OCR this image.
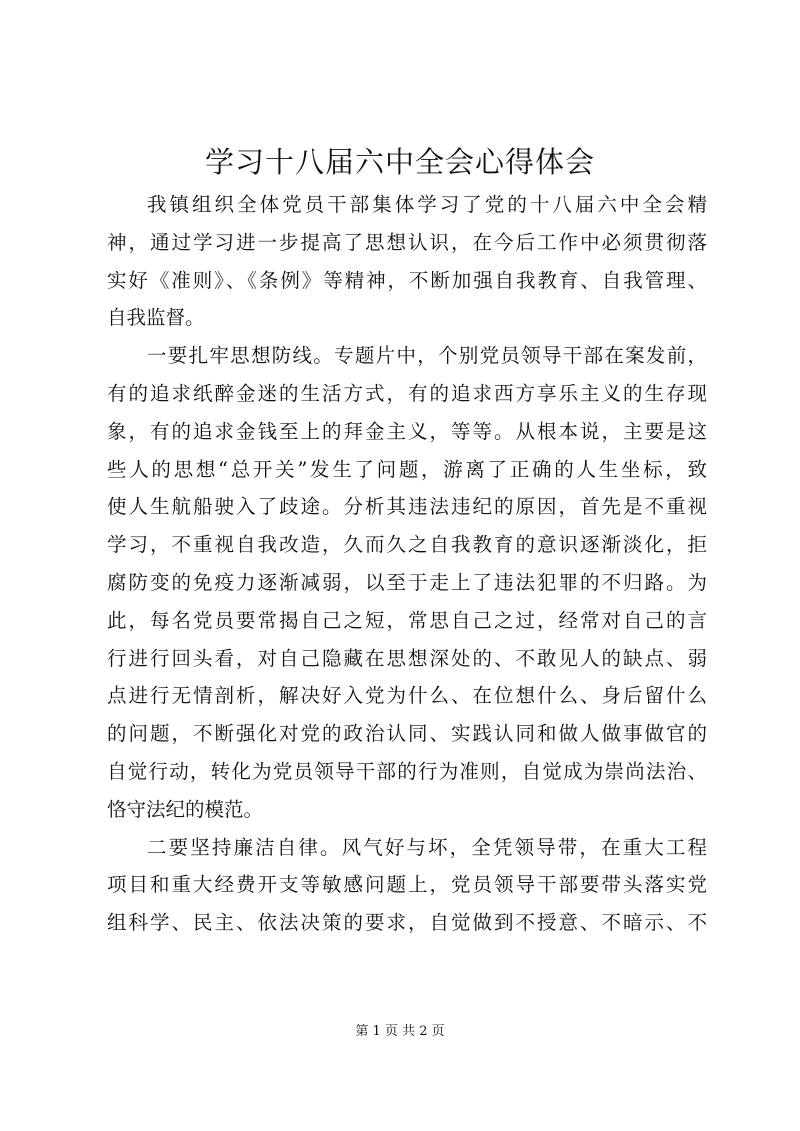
学习十八届六中全会心得体会
我镇组织全体党员干部集体学习了党的十八届六中全会精
神，通过学习进一步提高了思想认识，在今后工作中必须贯彻落
实好《准则》、《条例》等精神，不断加强自我教育、自我管理、
自我监督。
一要扎牢思想防线。专题片中，个别党员领导干部在案发前，
有的追求纸醉金迷的生活方式，有的追求西方享乐主义的生存现
象，有的追求金钱至上的拜金主义，等等。从根本说，主要是这
些人的思想“总开关”发生了问题，游离了正确的人生坐标，致
使人生航船驶入了歧途。分析其违法违纪的原因，首先是不重视
学习，不重视自我改造，久而久之自我教育的意识逐渐淡化，拒
腐防变的免疫力逐渐减弱，以至于走上了违法犯罪的不归路。为
此，每名党员要常揭自己之短，常思自己之过，经常对自己的言
行进行回头看，对自己隐藏在思想深处的、不敢见人的缺点、弱
点进行无情剖析，解决好入党为什么、在位想什么、身后留什么
的问题，不断强化对党的政治认同、实践认同和做人做事做官的
自觉行动，转化为党员领导干部的行为准则，自觉成为崇尚法治、
恪守法纪的模范。
二要坚持廉洁自律。风气好与坏，全凭领导带，在重大工程
项目和重大经费开支等敏感问题上，党员领导干部要带头落实党
组科学、民主、依法决策的要求，自觉做到不授意、不暗示、不
第 1 页 共 2 页
